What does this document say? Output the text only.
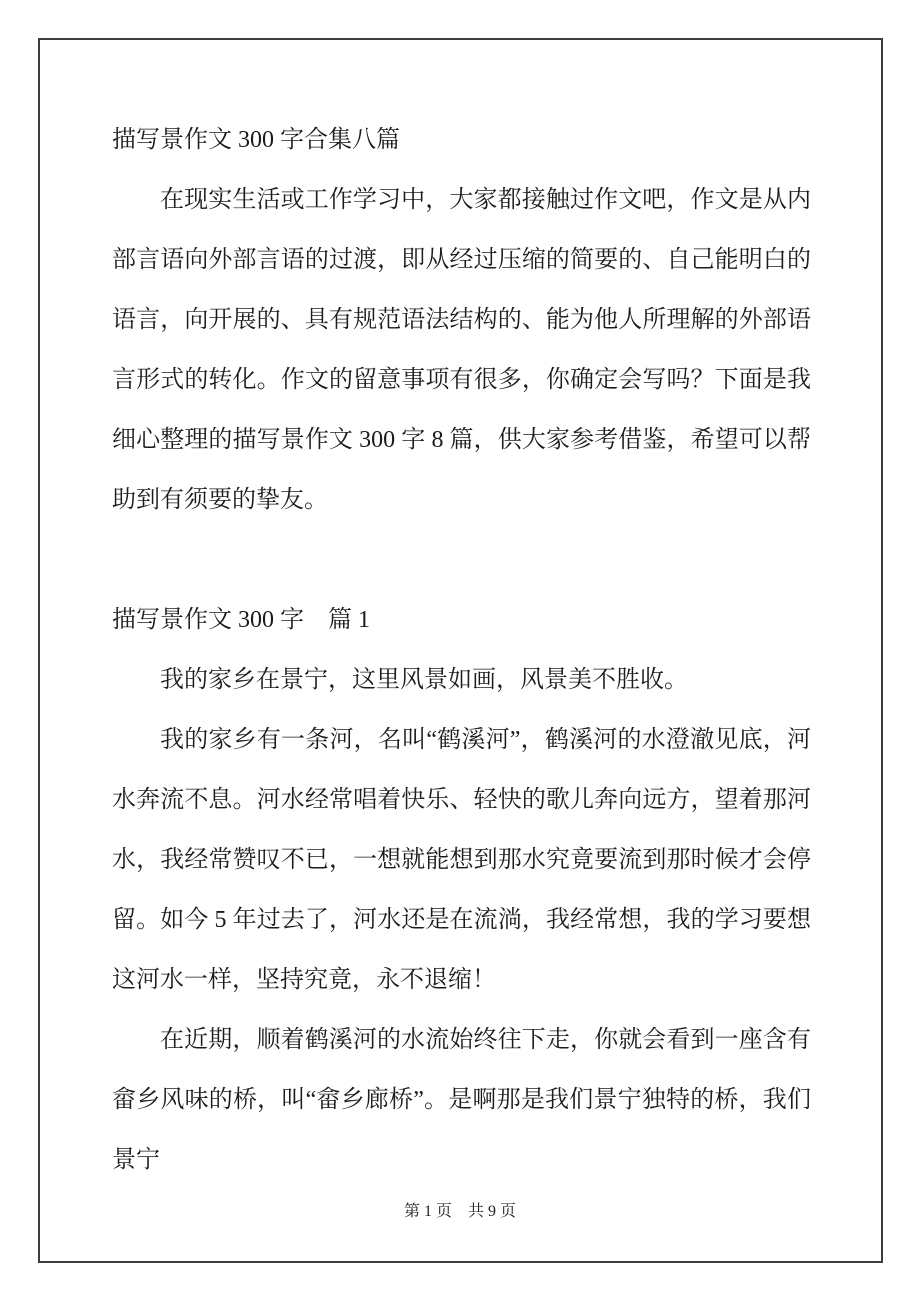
描写景作文 300 字合集八篇

在现实生活或工作学习中，大家都接触过作文吧，作文是从内部言语向外部言语的过渡，即从经过压缩的简要的、自己能明白的语言，向开展的、具有规范语法结构的、能为他人所理解的外部语言形式的转化。作文的留意事项有很多，你确定会写吗？下面是我细心整理的描写景作文 300 字 8 篇，供大家参考借鉴，希望可以帮助到有须要的挚友。

描写景作文 300 字　篇 1

我的家乡在景宁，这里风景如画，风景美不胜收。

我的家乡有一条河，名叫“鹤溪河”，鹤溪河的水澄澈见底，河水奔流不息。河水经常唱着快乐、轻快的歌儿奔向远方，望着那河水，我经常赞叹不已，一想就能想到那水究竟要流到那时候才会停留。如今 5 年过去了，河水还是在流淌，我经常想，我的学习要想这河水一样，坚持究竟，永不退缩！

在近期，顺着鹤溪河的水流始终往下走，你就会看到一座含有畲乡风味的桥，叫“畲乡廊桥”。是啊那是我们景宁独特的桥，我们景宁

第 1 页 共 9 页
